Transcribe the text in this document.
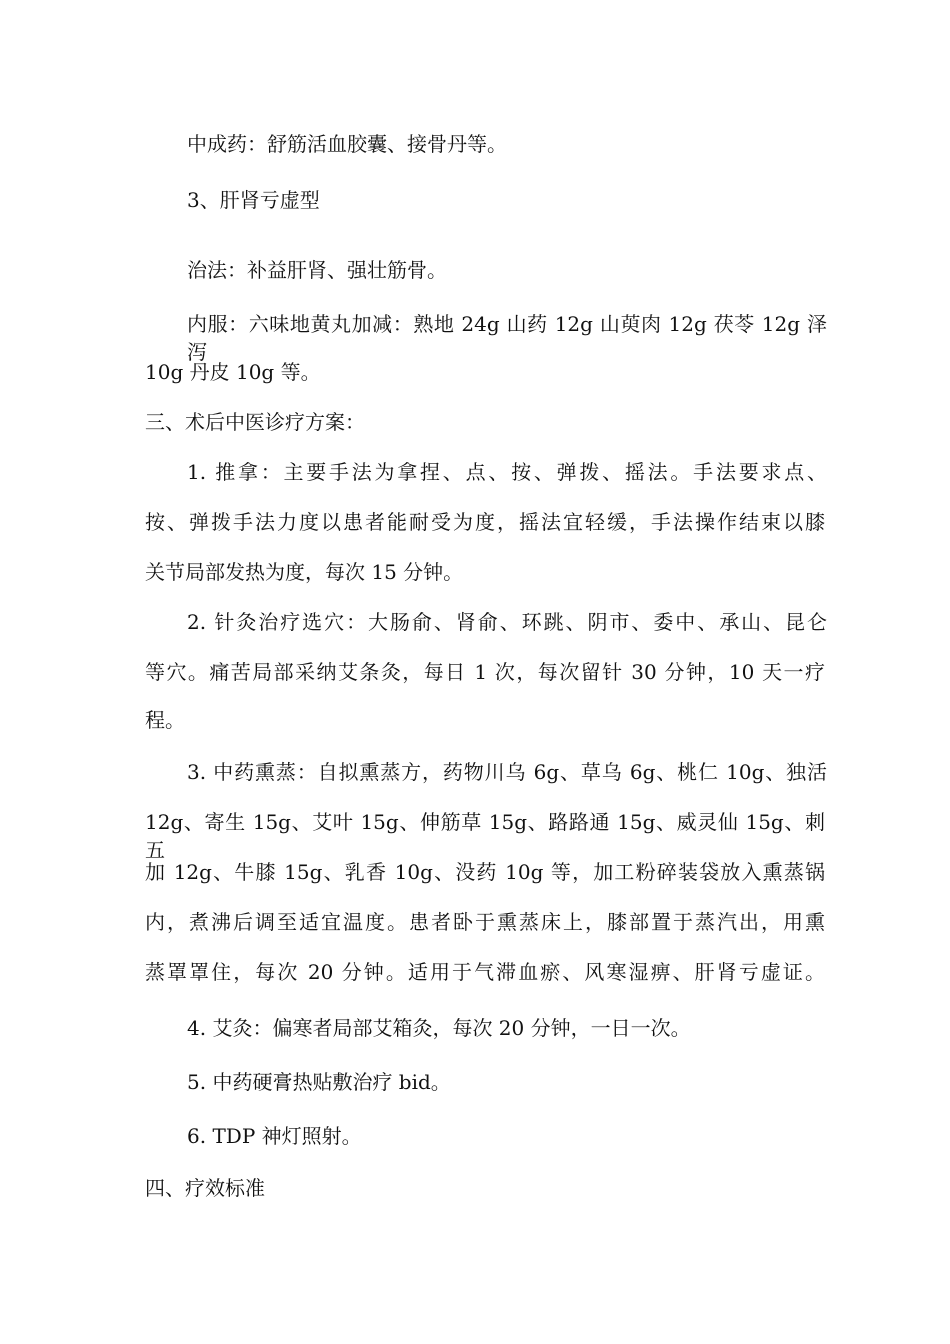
中成药：舒筋活血胶囊、接骨丹等。
3、肝肾亏虚型
治法：补益肝肾、强壮筋骨。
内服：六味地黄丸加减：熟地 24g 山药 12g 山萸肉 12g 茯苓 12g 泽泻
10g 丹皮 10g 等。
三、术后中医诊疗方案：
1. 推拿：主要手法为拿捏、点、按、弹拨、摇法。手法要求点、
按、弹拨手法力度以患者能耐受为度，摇法宜轻缓，手法操作结束以膝
关节局部发热为度，每次 15 分钟。
2. 针灸治疗选穴：大肠俞、肾俞、环跳、阴市、委中、承山、昆仑
等穴。痛苦局部采纳艾条灸，每日 1 次，每次留针 30 分钟，10 天一疗
程。
3. 中药熏蒸：自拟熏蒸方，药物川乌 6g、草乌 6g、桃仁 10g、独活
12g、寄生 15g、艾叶 15g、伸筋草 15g、路路通 15g、威灵仙 15g、刺五
加 12g、牛膝 15g、乳香 10g、没药 10g 等，加工粉碎装袋放入熏蒸锅
内，煮沸后调至适宜温度。患者卧于熏蒸床上，膝部置于蒸汽出，用熏
蒸罩罩住，每次 20 分钟。适用于气滞血瘀、风寒湿痹、肝肾亏虚证。
4. 艾灸：偏寒者局部艾箱灸，每次 20 分钟，一日一次。
5. 中药硬膏热贴敷治疗 bid。
6. TDP 神灯照射。
四、疗效标准
